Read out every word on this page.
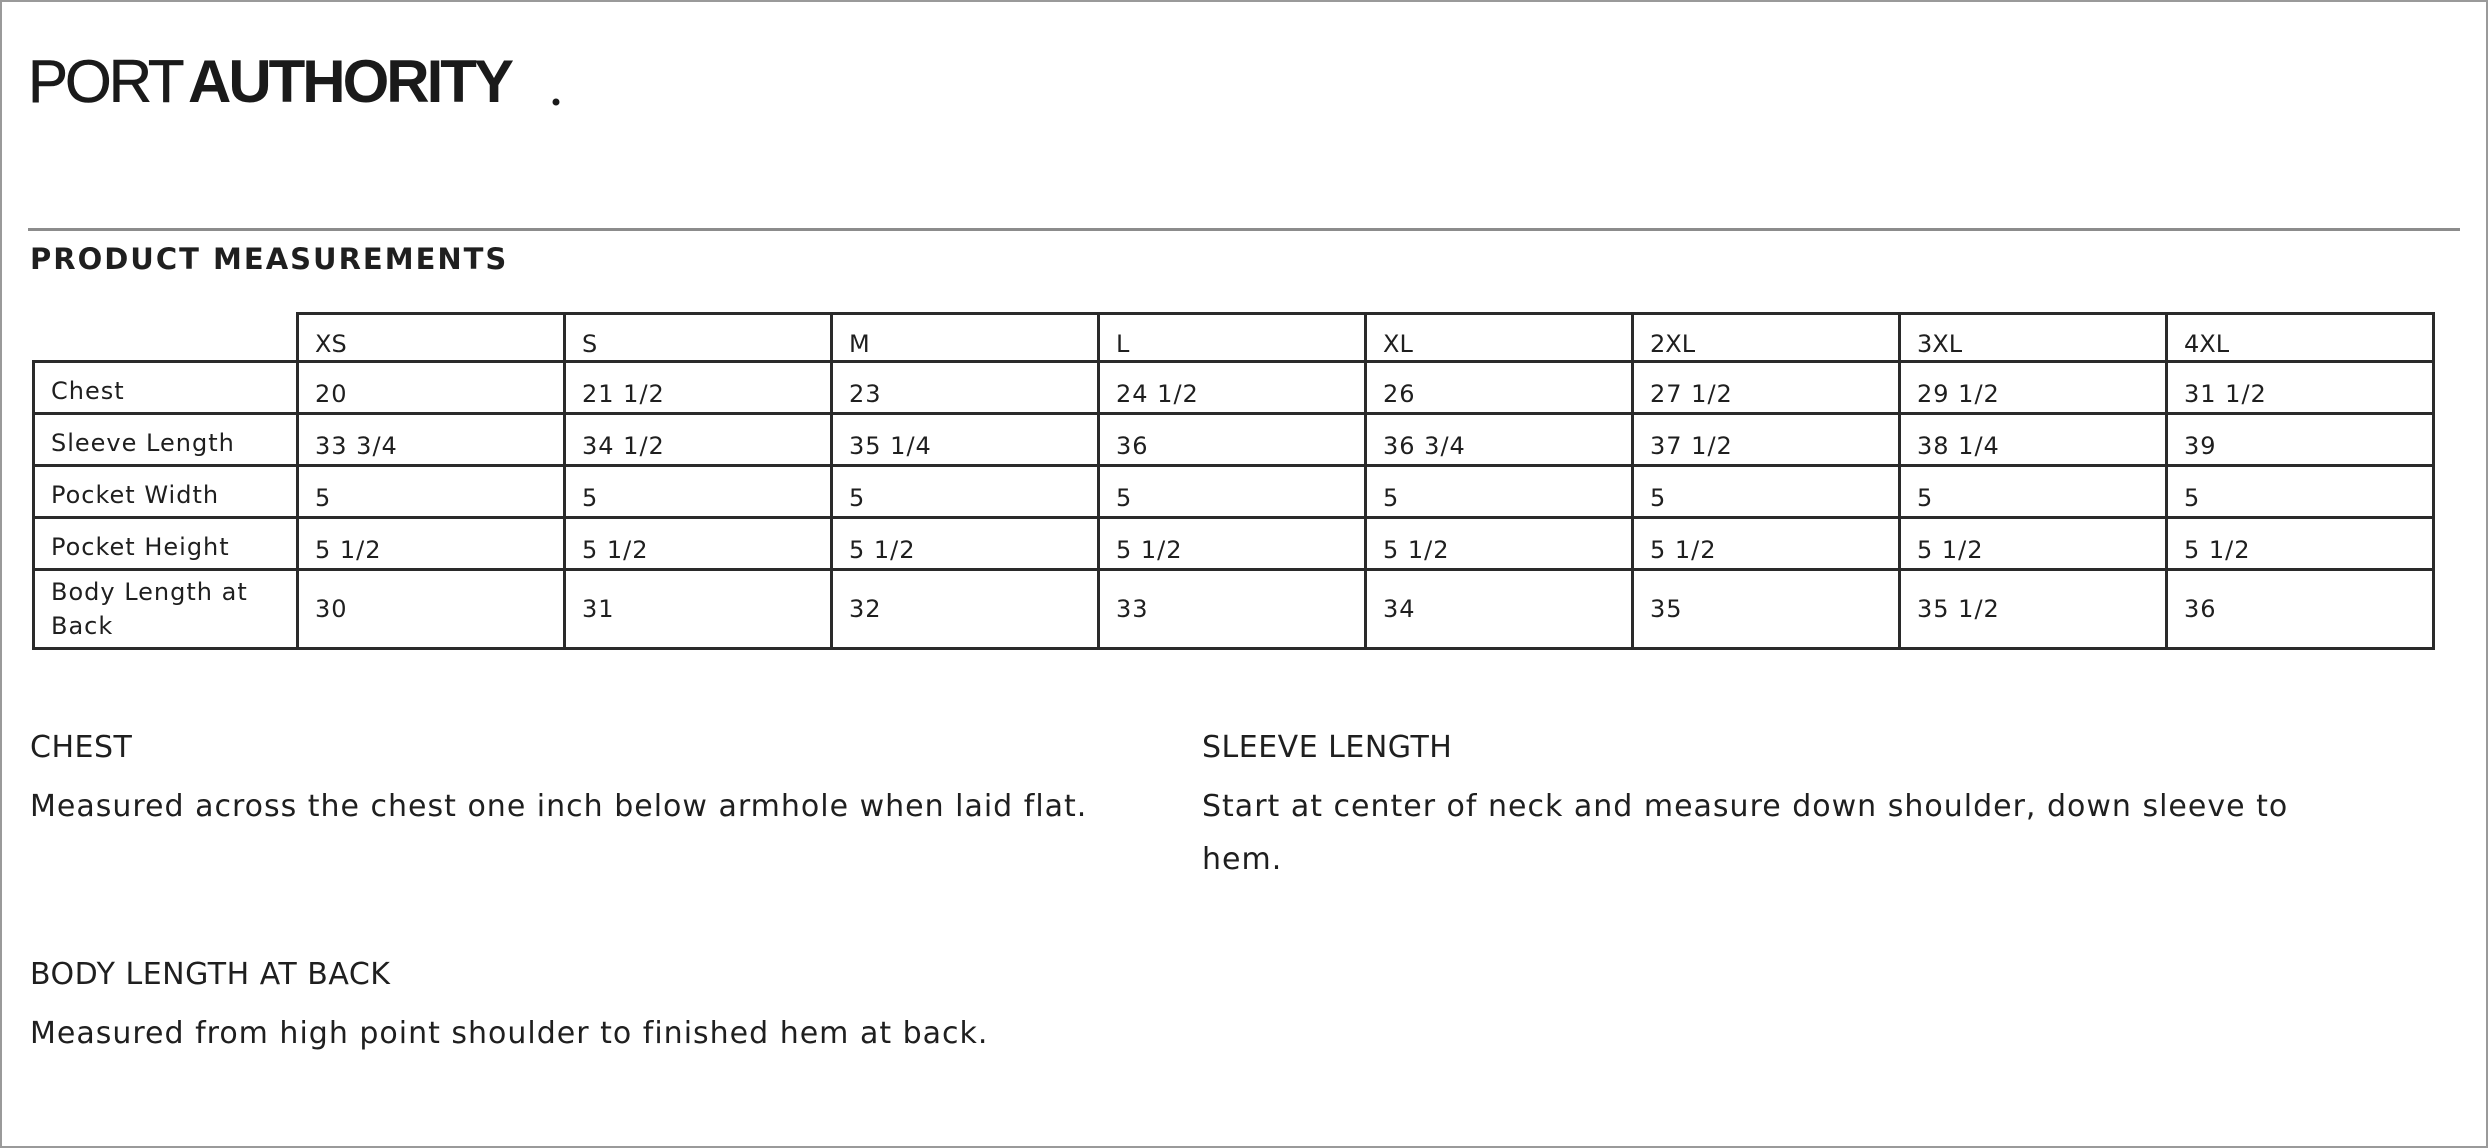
PORT AUTHORITY
PRODUCT MEASUREMENTS
	XS	S	M	L	XL	2XL	3XL	4XL
Chest	20	21 1/2	23	24 1/2	26	27 1/2	29 1/2	31 1/2
Sleeve Length	33 3/4	34 1/2	35 1/4	36	36 3/4	37 1/2	38 1/4	39
Pocket Width	5	5	5	5	5	5	5	5
Pocket Height	5 1/2	5 1/2	5 1/2	5 1/2	5 1/2	5 1/2	5 1/2	5 1/2
Body Length at Back	30	31	32	33	34	35	35 1/2	36

CHEST

Measured across the chest one inch below armhole when laid flat.

SLEEVE LENGTH

Start at center of neck and measure down shoulder, down sleeve to hem.

BODY LENGTH AT BACK

Measured from high point shoulder to finished hem at back.
